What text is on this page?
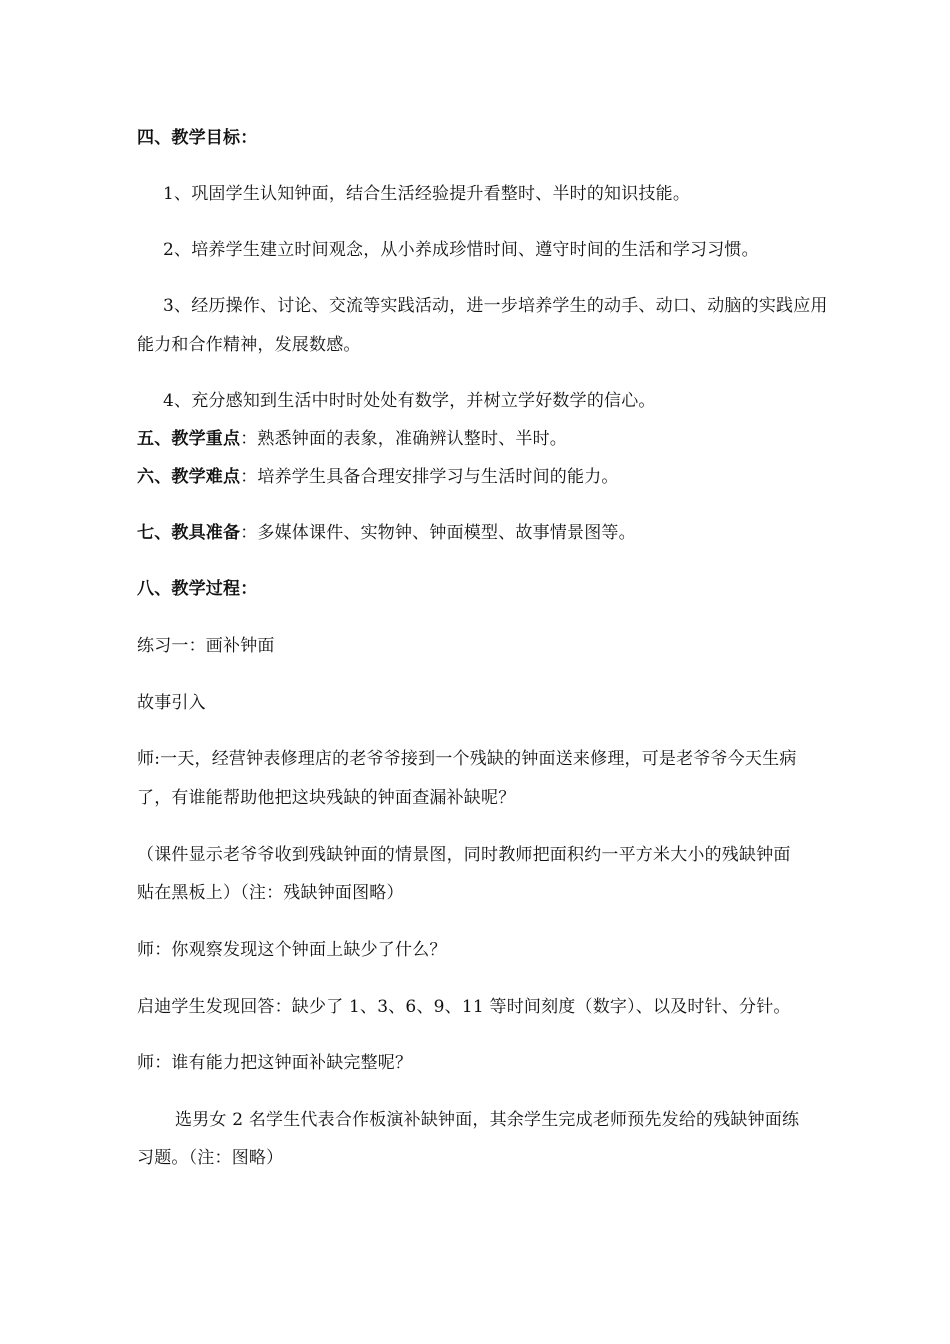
四、教学目标：
1、巩固学生认知钟面，结合生活经验提升看整时、半时的知识技能。
2、培养学生建立时间观念，从小养成珍惜时间、遵守时间的生活和学习习惯。
3、经历操作、讨论、交流等实践活动，进一步培养学生的动手、动口、动脑的实践应用
能力和合作精神，发展数感。
4、充分感知到生活中时时处处有数学，并树立学好数学的信心。
五、教学重点：熟悉钟面的表象，准确辨认整时、半时。
六、教学难点：培养学生具备合理安排学习与生活时间的能力。
七、教具准备：多媒体课件、实物钟、钟面模型、故事情景图等。
八、教学过程：
练习一：画补钟面
故事引入
师:一天，经营钟表修理店的老爷爷接到一个残缺的钟面送来修理，可是老爷爷今天生病
了，有谁能帮助他把这块残缺的钟面查漏补缺呢？
（课件显示老爷爷收到残缺钟面的情景图，同时教师把面积约一平方米大小的残缺钟面
贴在黑板上）（注：残缺钟面图略）
师：你观察发现这个钟面上缺少了什么？
启迪学生发现回答：缺少了 1、3、6、9、11 等时间刻度（数字）、以及时针、分针。
师：谁有能力把这钟面补缺完整呢？
选男女 2 名学生代表合作板演补缺钟面，其余学生完成老师预先发给的残缺钟面练
习题。（注：图略）
